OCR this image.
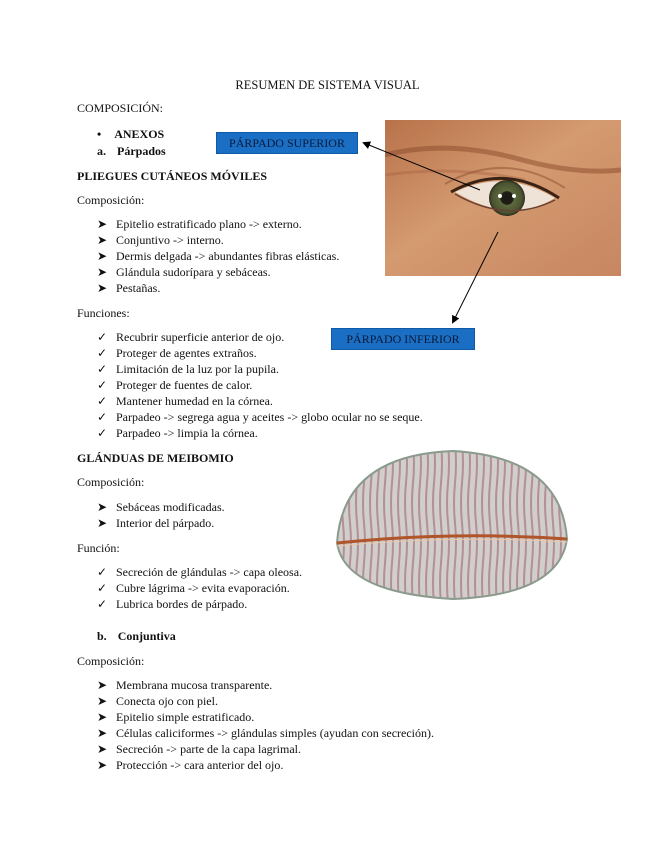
RESUMEN DE SISTEMA VISUAL
COMPOSICIÓN:
• ANEXOS
a. Párpados
PLIEGUES CUTÁNEOS MÓVILES
Composición:
➤ Epitelio estratificado plano -> externo.
➤ Conjuntivo -> interno.
➤ Dermis delgada -> abundantes fibras elásticas.
➤ Glándula sudorípara y sebáceas.
➤ Pestañas.
Funciones:
✓ Recubrir superficie anterior de ojo.
✓ Proteger de agentes extraños.
✓ Limitación de la luz por la pupila.
✓ Proteger de fuentes de calor.
✓ Mantener humedad en la córnea.
✓ Parpadeo -> segrega agua y aceites -> globo ocular no se seque.
✓ Parpadeo -> limpia la córnea.
PÁRPADO SUPERIOR
PÁRPADO INFERIOR
GLÁNDUAS DE MEIBOMIO
Composición:
➤ Sebáceas modificadas.
➤ Interior del párpado.
Función:
✓ Secreción de glándulas -> capa oleosa.
✓ Cubre lágrima -> evita evaporación.
✓ Lubrica bordes de párpado.
b. Conjuntiva
Composición:
➤ Membrana mucosa transparente.
➤ Conecta ojo con piel.
➤ Epitelio simple estratificado.
➤ Células caliciformes -> glándulas simples (ayudan con secreción).
➤ Secreción -> parte de la capa lagrimal.
➤ Protección -> cara anterior del ojo.
